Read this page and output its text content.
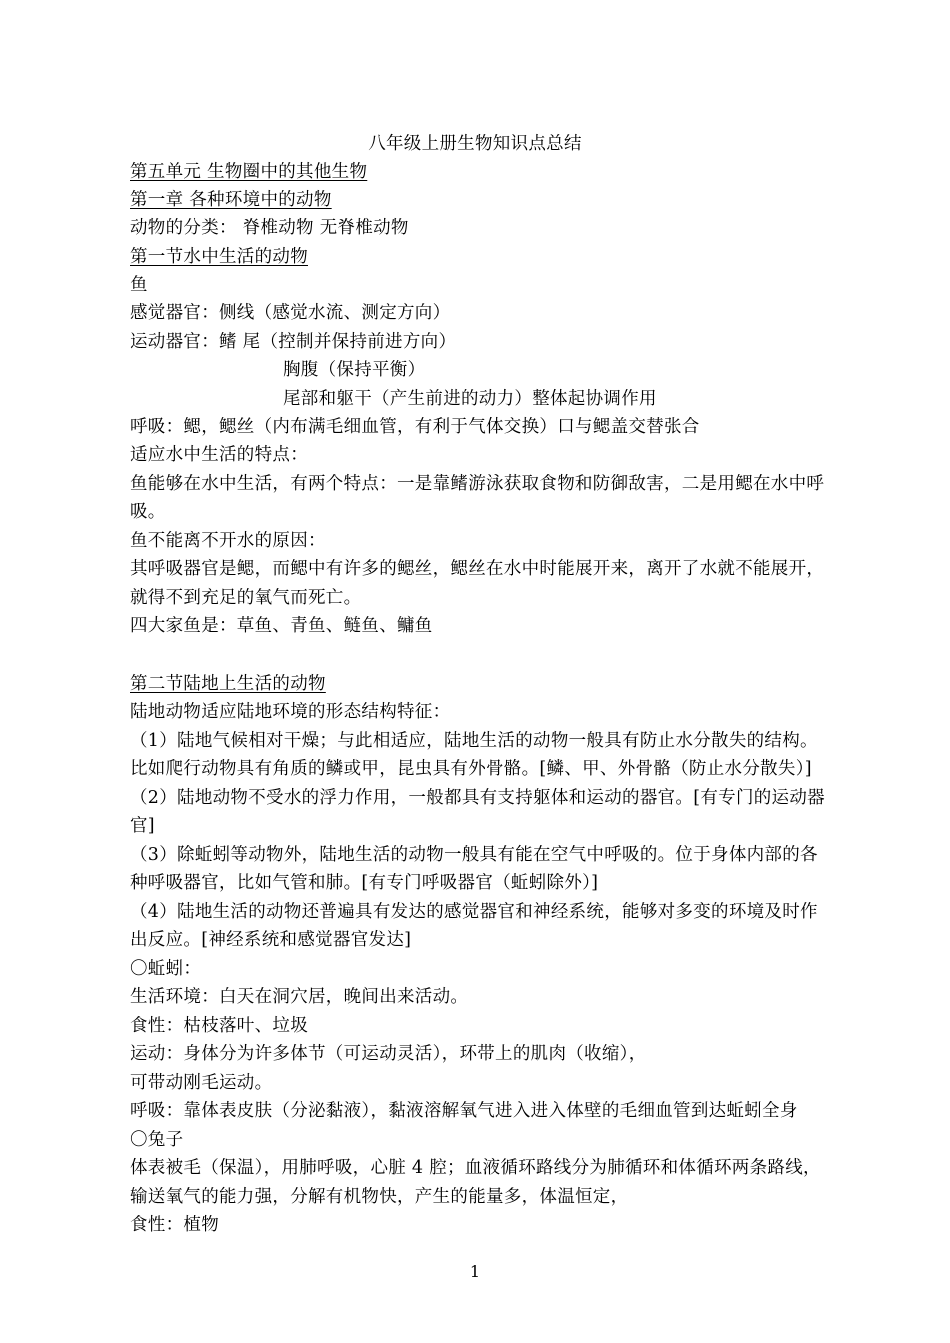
八年级上册生物知识点总结
第五单元 生物圈中的其他生物
第一章 各种环境中的动物
动物的分类： 脊椎动物 无脊椎动物
第一节水中生活的动物
鱼
感觉器官：侧线（感觉水流、测定方向）
运动器官：鳍 尾（控制并保持前进方向）
胸腹（保持平衡）
尾部和躯干（产生前进的动力）整体起协调作用
呼吸：鳃，鳃丝（内布满毛细血管，有利于气体交换）口与鳃盖交替张合
适应水中生活的特点：
鱼能够在水中生活，有两个特点：一是靠鳍游泳获取食物和防御敌害，二是用鳃在水中呼
吸。
鱼不能离不开水的原因：
其呼吸器官是鳃，而鳃中有许多的鳃丝，鳃丝在水中时能展开来，离开了水就不能展开，
就得不到充足的氧气而死亡。
四大家鱼是：草鱼、青鱼、鲢鱼、鳙鱼
第二节陆地上生活的动物
陆地动物适应陆地环境的形态结构特征：
（1）陆地气候相对干燥；与此相适应，陆地生活的动物一般具有防止水分散失的结构。
比如爬行动物具有角质的鳞或甲，昆虫具有外骨骼。[鳞、甲、外骨骼（防止水分散失）]
（2）陆地动物不受水的浮力作用，一般都具有支持躯体和运动的器官。[有专门的运动器
官]
（3）除蚯蚓等动物外，陆地生活的动物一般具有能在空气中呼吸的。位于身体内部的各
种呼吸器官，比如气管和肺。[有专门呼吸器官（蚯蚓除外）]
（4）陆地生活的动物还普遍具有发达的感觉器官和神经系统，能够对多变的环境及时作
出反应。[神经系统和感觉器官发达]
〇蚯蚓：
生活环境：白天在洞穴居，晚间出来活动。
食性：枯枝落叶、垃圾
运动：身体分为许多体节（可运动灵活），环带上的肌肉（收缩），
可带动刚毛运动。
呼吸：靠体表皮肤（分泌黏液），黏液溶解氧气进入进入体壁的毛细血管到达蚯蚓全身
〇兔子
体表被毛（保温），用肺呼吸，心脏 4 腔；血液循环路线分为肺循环和体循环两条路线，
输送氧气的能力强，分解有机物快，产生的能量多，体温恒定，
食性：植物
1
